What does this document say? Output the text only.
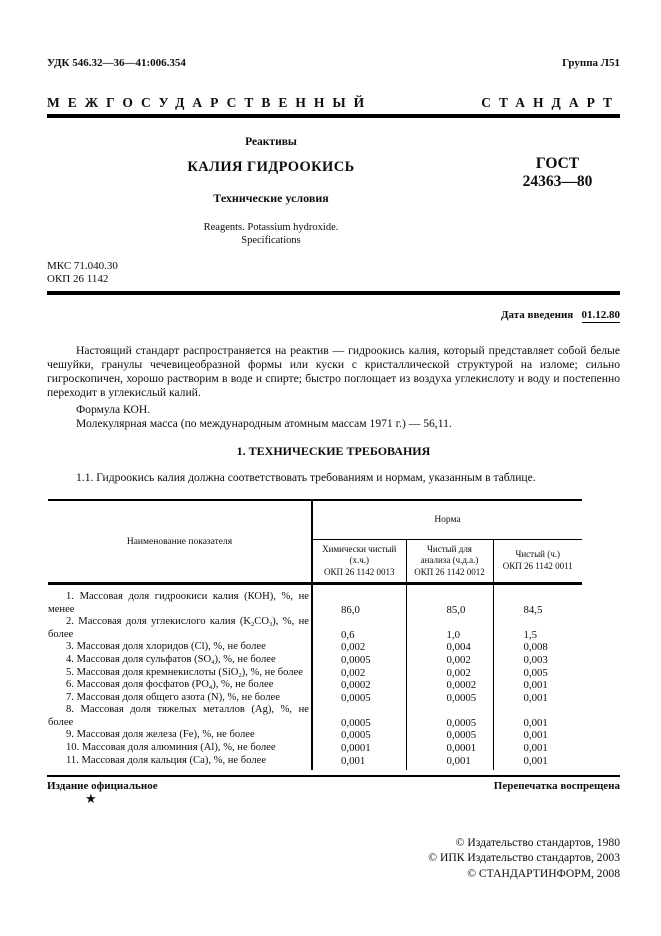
УДК 546.32—36—41:006.354	Группа Л51
МЕЖГОСУДАРСТВЕННЫЙ	СТАНДАРТ
Реактивы
КАЛИЯ ГИДРООКИСЬ
Технические условия
Reagents. Potassium hydroxide.
Specifications
ГОСТ
24363—80
МКС 71.040.30
ОКП 26 1142
Дата введения 01.12.80
Настоящий стандарт распространяется на реактив — гидроокись калия, который представляет собой белые чешуйки, гранулы чечевицеобразной формы или куски с кристаллической структурой на изломе; сильно гигроскопичен, хорошо растворим в воде и спирте; быстро поглощает из воздуха углекислоту и воду и постепенно переходит в углекислый калий.
Формула КОН.
Молекулярная масса (по международным атомным массам 1971 г.) — 56,11.
1. ТЕХНИЧЕСКИЕ ТРЕБОВАНИЯ
1.1. Гидроокись калия должна соответствовать требованиям и нормам, указанным в таблице.
Наименование показателя	Норма		

Химически чистый
(х.ч.)
ОКП 26 1142 0013

Чистый для
анализа (ч.д.а.)
ОКП 26 1142 0012

Чистый (ч.)
ОКП 26 1142 0011

1. Массовая доля гидроокиси калия (КОН), %, не менее	86,0	85,0	84,5
2. Массовая доля углекислого калия $(K_2CO_3)$, %, не более	0,6	1,0	1,5
3. Массовая доля хлоридов (Cl), %, не более	0,002	0,004	0,008
4. Массовая доля сульфатов $(SO_4)$, %, не более	0,0005	0,002	0,003
5. Массовая доля кремнекислоты (SiO$_2$), %, не более	0,002	0,002	0,005
6. Массовая доля фосфатов $(PO_4)$, %, не более	0,0002	0,0002	0,001
7. Массовая доля общего азота (N), %, не более	0,0005	0,0005	0,001
8. Массовая доля тяжелых металлов (Ag), %, не более	0,0005	0,0005	0,001
9. Массовая доля железа (Fe), %, не более	0,0005	0,0005	0,001
10. Массовая доля алюминия (Al), %, не более	0,0001	0,0001	0,001
11. Массовая доля кальция (Ca), %, не более	0,001	0,001	0,001
Издание официальное	Перепечатка воспрещена
★
© Издательство стандартов, 1980
© ИПК Издательство стандартов, 2003
© СТАНДАРТИНФОРМ, 2008
